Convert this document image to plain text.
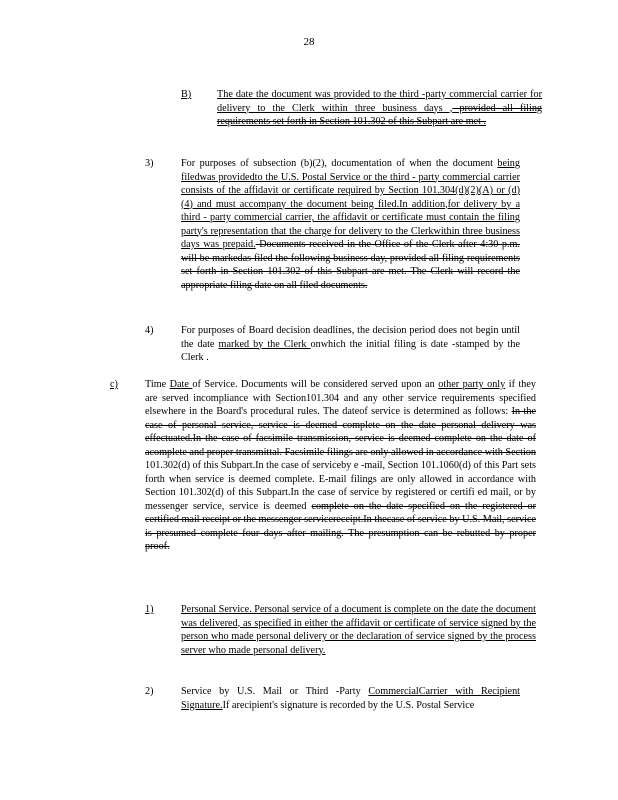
28
B)	The date the document was provided to the third -party commercial carrier for delivery to the Clerk within three business days , provided all filing requirements set forth in Section 101.302 of this Subpart are met .
3)	For purposes of subsection (b)(2), documentation of when the document being filedwas providedto the U.S. Postal Service or the third - party commercial carrier consists of the affidavit or certificate required by Section 101.304(d)(2)(A) or (d)(4) and must accompany the document being filed.In addition,for delivery by a third - party commercial carrier, the affidavit or certificate must contain the filing party's representation that the charge for delivery to the Clerkwithin three business days was prepaid. Documents received in the Office of the Clerk after 4:30 p.m. will be markedas filed the following business day, provided all filing requirements set forth in Section 101.302 of this Subpart are met. The Clerk will record the appropriate filing date on all filed documents.
4)	For purposes of Board decision deadlines, the decision period does not begin until the date marked by the Clerk onwhich the initial filing is date -stamped by the Clerk .
c)	Time Date of Service. Documents will be considered served upon an other party only if they are served incompliance with Section101.304 and any other service requirements specified elsewhere in the Board's procedural rules. The dateof service is determined as follows: In the case of personal service, service is deemed complete on the date personal delivery was effectuated.In the case of facsimile transmission, service is deemed complete on the date of acomplete and proper transmittal. Facsimile filings are only allowed in accordance with Section 101.302(d) of this Subpart.In the case of serviceby e -mail, Section 101.1060(d) of this Part sets forth when service is deemed complete. E-mail filings are only allowed in accordance with Section 101.302(d) of this Subpart.In the case of service by registered or certifi ed mail, or by messenger service, service is deemed complete on the date specified on the registered or certified mail receipt or the messenger servicereceipt.In thecase of service by U.S. Mail, service is presumed complete four days after mailing. The presumption can be rebutted by proper proof.
1)	Personal Service. Personal service of a document is complete on the date the document was delivered, as specified in either the affidavit or certificate of service signed by the person who made personal delivery or the declaration of service signed by the process server who made personal delivery.
2)	Service by U.S. Mail or Third -Party CommercialCarrier with Recipient Signature.If arecipient's signature is recorded by the U.S. Postal Service
